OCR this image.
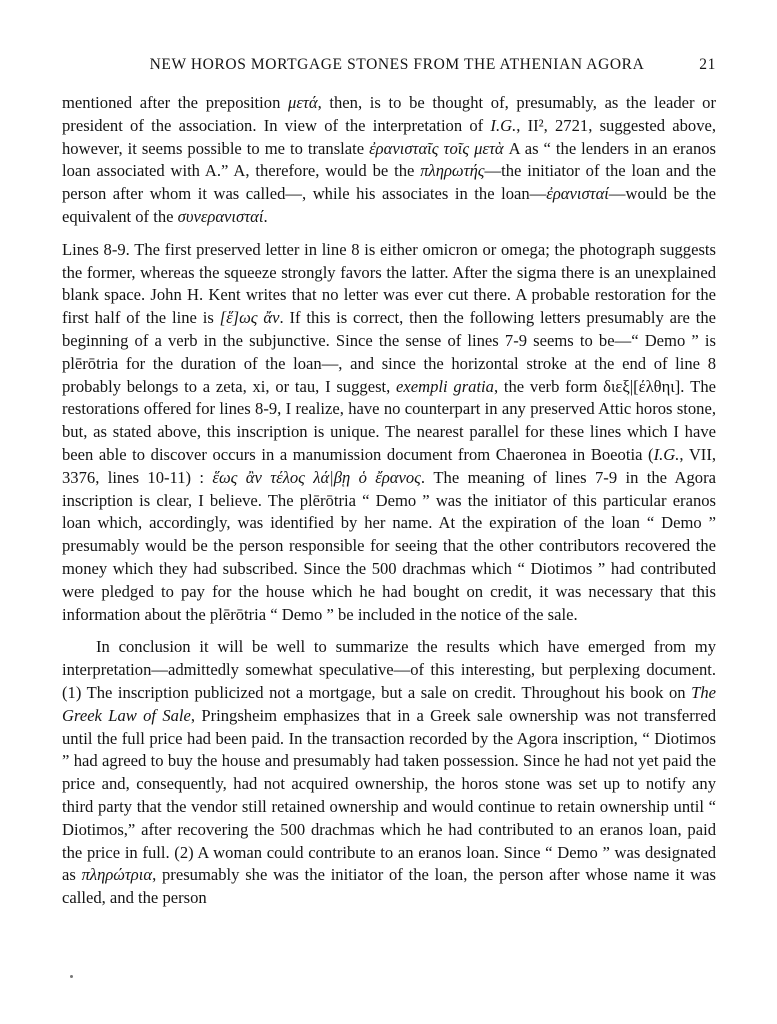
NEW HOROS MORTGAGE STONES FROM THE ATHENIAN AGORA	21

mentioned after the preposition μετά, then, is to be thought of, presumably, as the leader or president of the association. In view of the interpretation of I.G., II², 2721, suggested above, however, it seems possible to me to translate ἐρανισταῖς τοῖς μετὰ A as “ the lenders in an eranos loan associated with A.” A, therefore, would be the πληρωτής—the initiator of the loan and the person after whom it was called—, while his associates in the loan—ἐρανισταί—would be the equivalent of the συνερανισταί.

Lines 8-9. The first preserved letter in line 8 is either omicron or omega; the photograph suggests the former, whereas the squeeze strongly favors the latter. After the sigma there is an unexplained blank space. John H. Kent writes that no letter was ever cut there. A probable restoration for the first half of the line is [ἕ]ως ἄν. If this is correct, then the following letters presumably are the beginning of a verb in the subjunctive. Since the sense of lines 7-9 seems to be—“ Demo ” is plērōtria for the duration of the loan—, and since the horizontal stroke at the end of line 8 probably belongs to a zeta, xi, or tau, I suggest, exempli gratia, the verb form διεξ|[έλθηι]. The restorations offered for lines 8-9, I realize, have no counterpart in any preserved Attic horos stone, but, as stated above, this inscription is unique. The nearest parallel for these lines which I have been able to discover occurs in a manumission document from Chaeronea in Boeotia (I.G., VII, 3376, lines 10-11) : ἕως ἂν τέλος λά|βῃ ὁ ἔρανος. The meaning of lines 7-9 in the Agora inscription is clear, I believe. The plērōtria “ Demo ” was the initiator of this particular eranos loan which, accordingly, was identified by her name. At the expiration of the loan “ Demo ” presumably would be the person responsible for seeing that the other contributors recovered the money which they had subscribed. Since the 500 drachmas which “ Diotimos ” had contributed were pledged to pay for the house which he had bought on credit, it was necessary that this information about the plērōtria “ Demo ” be included in the notice of the sale.

In conclusion it will be well to summarize the results which have emerged from my interpretation—admittedly somewhat speculative—of this interesting, but perplexing document. (1) The inscription publicized not a mortgage, but a sale on credit. Throughout his book on The Greek Law of Sale, Pringsheim emphasizes that in a Greek sale ownership was not transferred until the full price had been paid. In the transaction recorded by the Agora inscription, “ Diotimos ” had agreed to buy the house and presumably had taken possession. Since he had not yet paid the price and, consequently, had not acquired ownership, the horos stone was set up to notify any third party that the vendor still retained ownership and would continue to retain ownership until “ Diotimos,” after recovering the 500 drachmas which he had contributed to an eranos loan, paid the price in full. (2) A woman could contribute to an eranos loan. Since “ Demo ” was designated as πληρώτρια, presumably she was the initiator of the loan, the person after whose name it was called, and the person
